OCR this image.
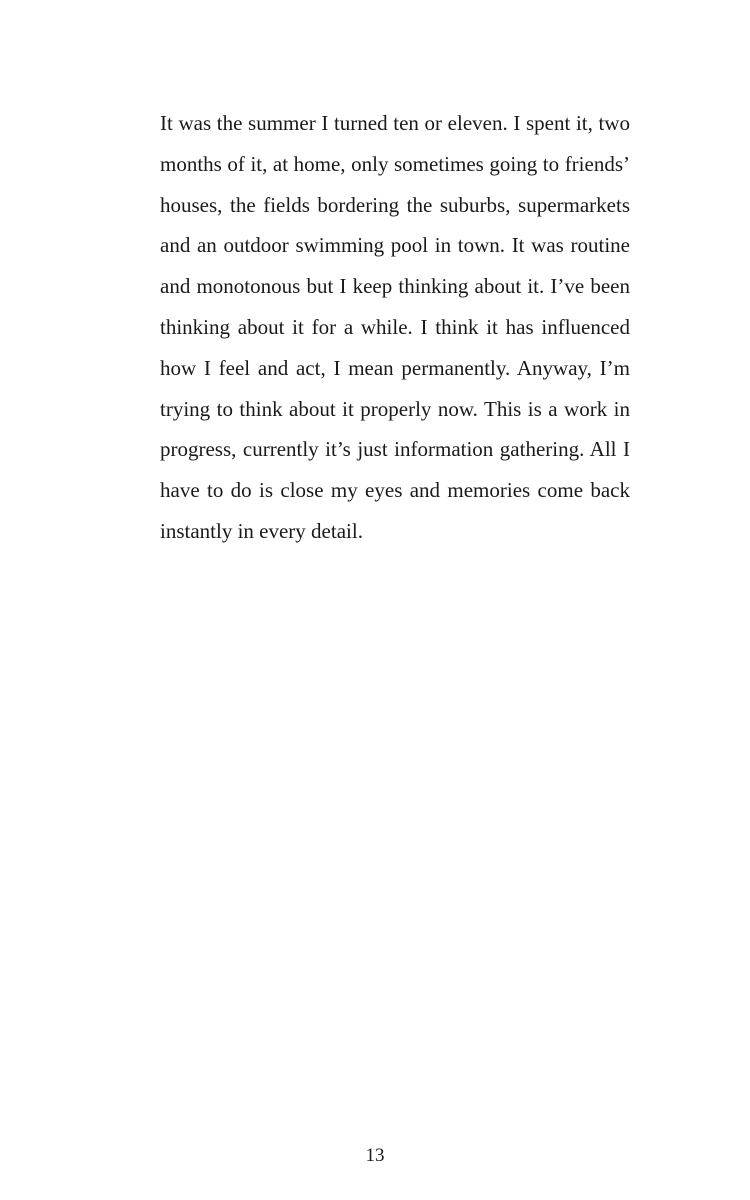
It was the summer I turned ten or eleven. I spent it, two
months of it, at home, only sometimes going to friends’
houses, the fields bordering the suburbs, supermarkets
and an outdoor swimming pool in town. It was routine
and monotonous but I keep thinking about it. I’ve been
thinking about it for a while. I think it has influenced
how I feel and act, I mean permanently. Anyway, I’m
trying to think about it properly now. This is a work in
progress, currently it’s just information gathering. All I
have to do is close my eyes and memories come back
instantly in every detail.
13
